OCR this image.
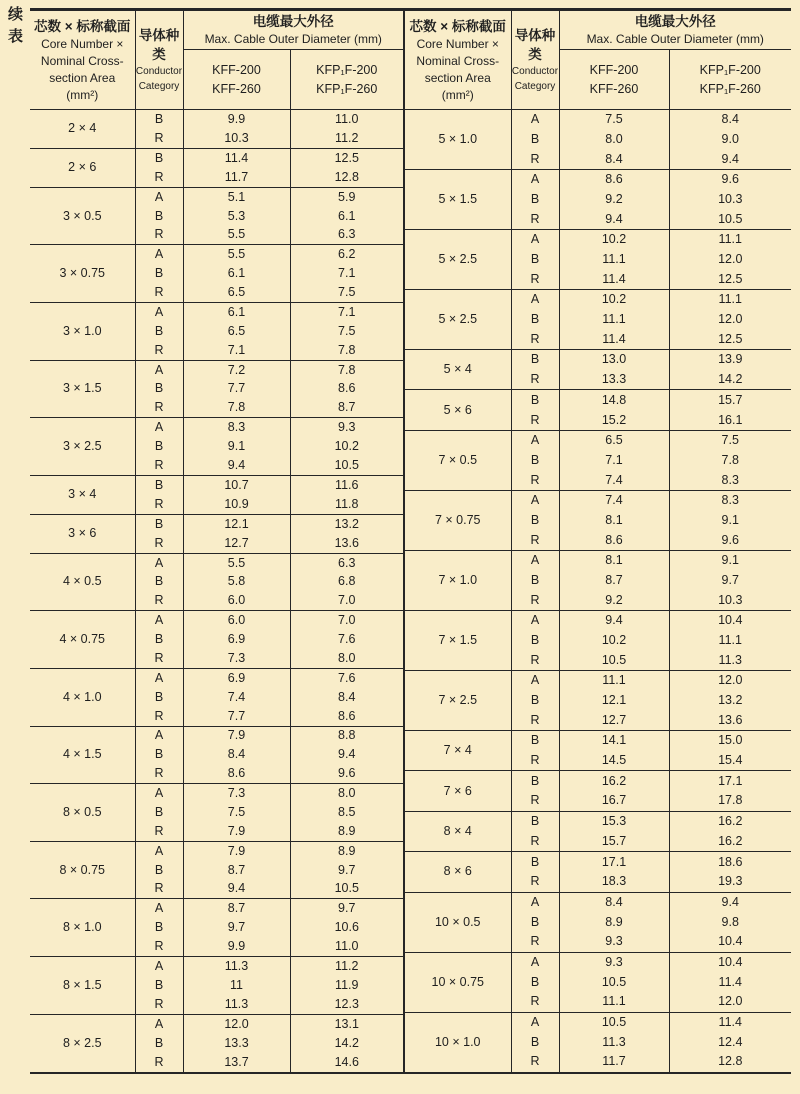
续表 芯数 × 标称截面
Core Number ×
Nominal Cross-
section Area
(mm²)

导体种
类
Conductor
Category

电缆最大外径
Max. Cable Outer Diameter (mm)

KFF-200
KFF-260

KFP₁F-200
KFP₁F-260

2 × 4	B	9.9	11.0
	R	10.3	11.2
2 × 6	B	11.4	12.5
	R	11.7	12.8
3 × 0.5	A	5.1	5.9
	B	5.3	6.1
	R	5.5	6.3
3 × 0.75	A	5.5	6.2
	B	6.1	7.1
	R	6.5	7.5
3 × 1.0	A	6.1	7.1
	B	6.5	7.5
	R	7.1	7.8
3 × 1.5	A	7.2	7.8
	B	7.7	8.6
	R	7.8	8.7
3 × 2.5	A	8.3	9.3
	B	9.1	10.2
	R	9.4	10.5
3 × 4	B	10.7	11.6
	R	10.9	11.8
3 × 6	B	12.1	13.2
	R	12.7	13.6
4 × 0.5	A	5.5	6.3
	B	5.8	6.8
	R	6.0	7.0
4 × 0.75	A	6.0	7.0
	B	6.9	7.6
	R	7.3	8.0
4 × 1.0	A	6.9	7.6
	B	7.4	8.4
	R	7.7	8.6
4 × 1.5	A	7.9	8.8
	B	8.4	9.4
	R	8.6	9.6
8 × 0.5	A	7.3	8.0
	B	7.5	8.5
	R	7.9	8.9
8 × 0.75	A	7.9	8.9
	B	8.7	9.7
	R	9.4	10.5
8 × 1.0	A	8.7	9.7
	B	9.7	10.6
	R	9.9	11.0
8 × 1.5	A	11.3	11.2
	B	11	11.9
	R	11.3	12.3
8 × 2.5	A	12.0	13.1
	B	13.3	14.2
	R	13.7	14.6
芯数 × 标称截面
Core Number ×
Nominal Cross-
section Area
(mm²)

导体种
类
Conductor
Category

电缆最大外径
Max. Cable Outer Diameter (mm)

KFF-200
KFF-260

KFP₁F-200
KFP₁F-260

5 × 1.0	A	7.5	8.4
	B	8.0	9.0
	R	8.4	9.4
5 × 1.5	A	8.6	9.6
	B	9.2	10.3
	R	9.4	10.5
5 × 2.5	A	10.2	11.1
	B	11.1	12.0
	R	11.4	12.5
5 × 2.5	A	10.2	11.1
	B	11.1	12.0
	R	11.4	12.5
5 × 4	B	13.0	13.9
	R	13.3	14.2
5 × 6	B	14.8	15.7
	R	15.2	16.1
7 × 0.5	A	6.5	7.5
	B	7.1	7.8
	R	7.4	8.3
7 × 0.75	A	7.4	8.3
	B	8.1	9.1
	R	8.6	9.6
7 × 1.0	A	8.1	9.1
	B	8.7	9.7
	R	9.2	10.3
7 × 1.5	A	9.4	10.4
	B	10.2	11.1
	R	10.5	11.3
7 × 2.5	A	11.1	12.0
	B	12.1	13.2
	R	12.7	13.6
7 × 4	B	14.1	15.0
	R	14.5	15.4
7 × 6	B	16.2	17.1
	R	16.7	17.8
8 × 4	B	15.3	16.2
	R	15.7	16.2
8 × 6	B	17.1	18.6
	R	18.3	19.3
10 × 0.5	A	8.4	9.4
	B	8.9	9.8
	R	9.3	10.4
10 × 0.75	A	9.3	10.4
	B	10.5	11.4
	R	11.1	12.0
10 × 1.0	A	10.5	11.4
	B	11.3	12.4
	R	11.7	12.8
